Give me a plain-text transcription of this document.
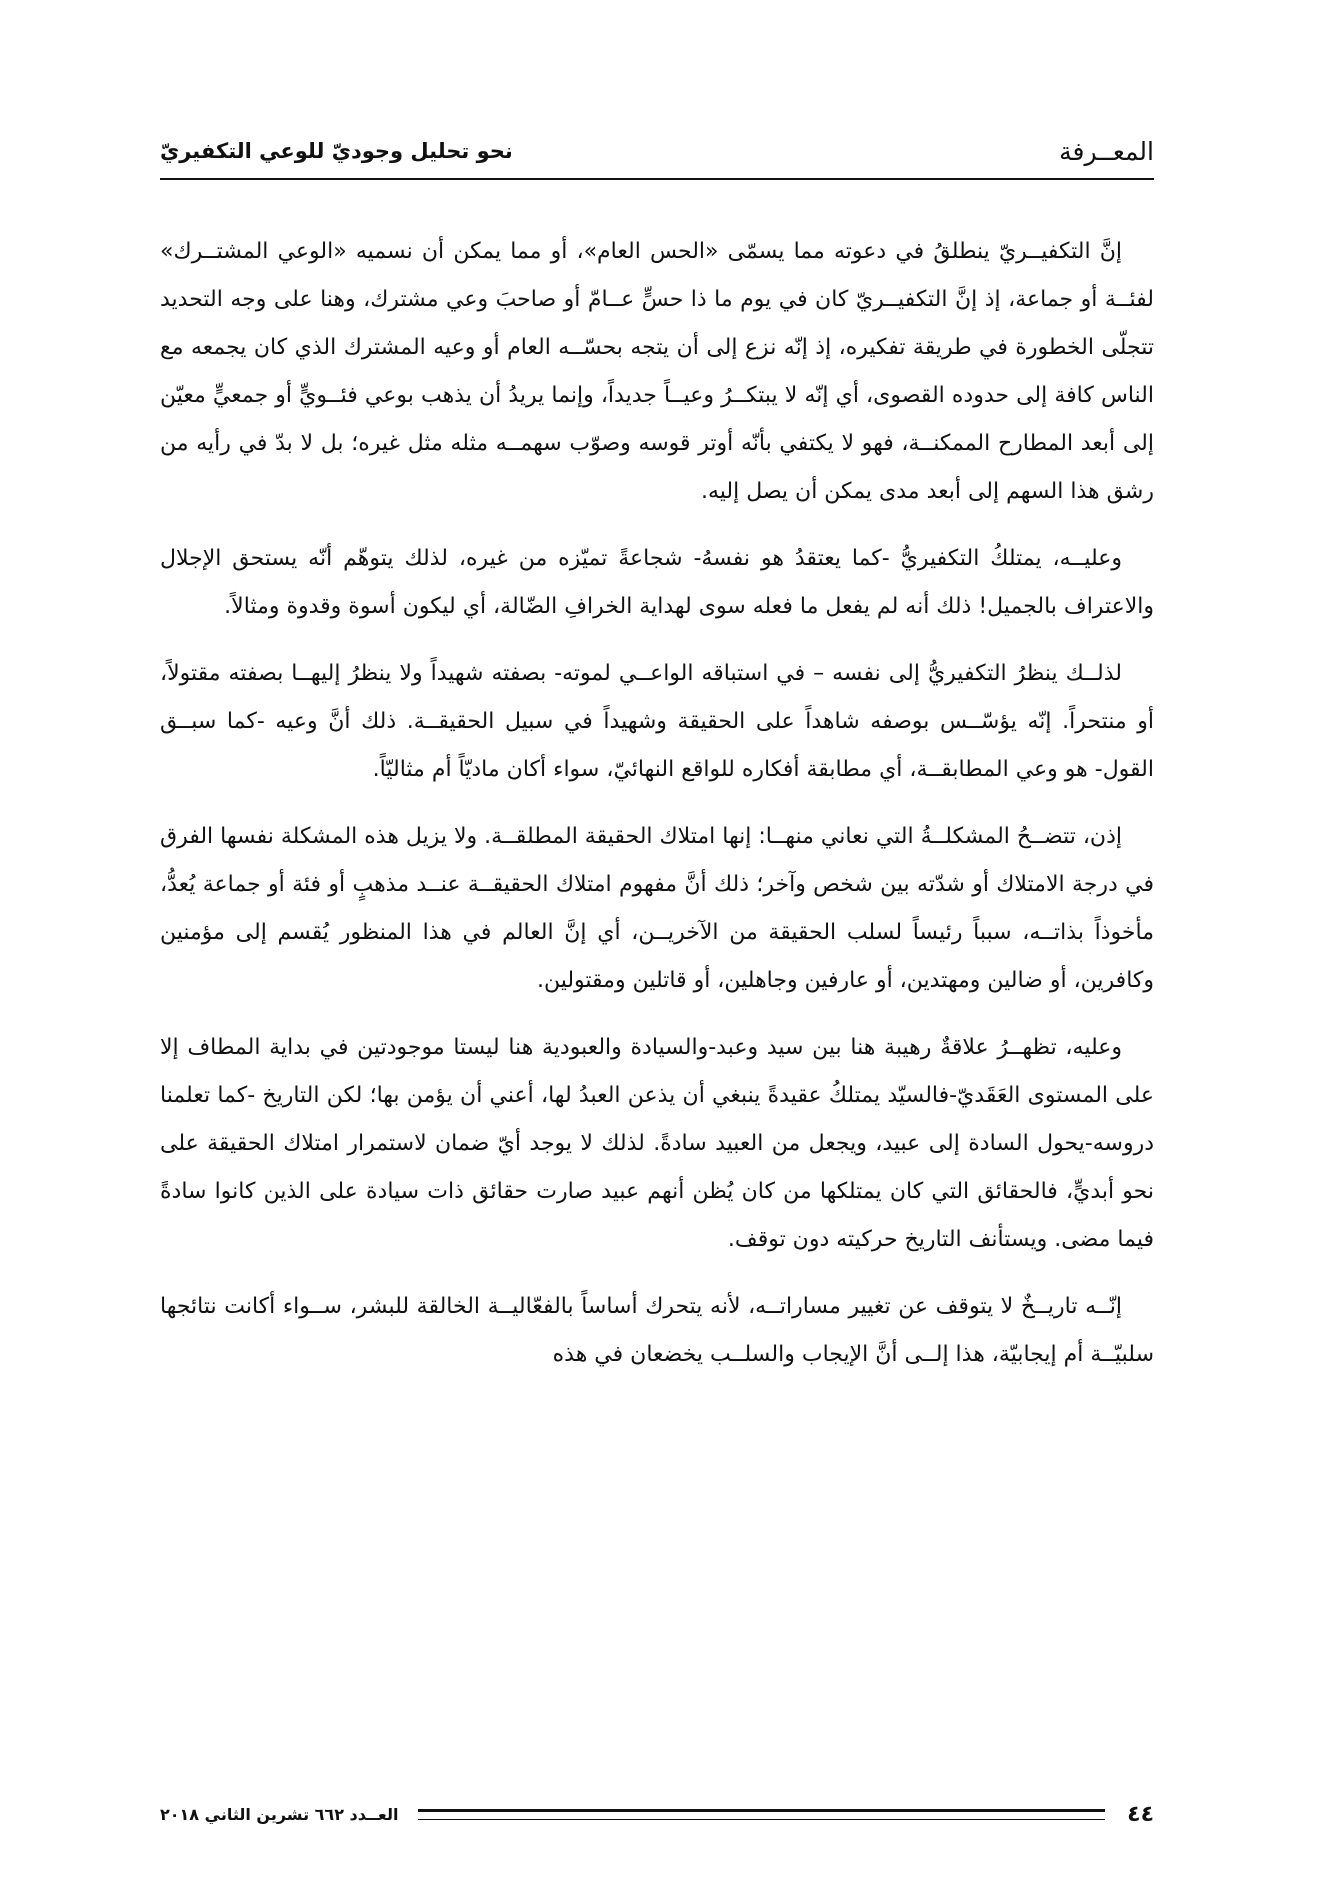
المعــرفة
نحو تحليل وجوديّ للوعي التكفيريّ

إنَّ التكفيــريّ ينطلقُ في دعوته مما يسمّى «الحس العام»، أو مما يمكن أن نسميه «الوعي المشتــرك» لفئــة أو جماعة، إذ إنَّ التكفيــريّ كان في يوم ما ذا حسٍّ عــامّ أو صاحبَ وعي مشترك، وهنا على وجه التحديد تتجلّى الخطورة في طريقة تفكيره، إذ إنّه نزع إلى أن يتجه بحسّــه العام أو وعيه المشترك الذي كان يجمعه مع الناس كافة إلى حدوده القصوى، أي إنّه لا يبتكــرُ وعيــاً جديداً، وإنما يريدُ أن يذهب بوعي فئــويٍّ أو جمعيٍّ معيّن إلى أبعد المطارح الممكنــة، فهو لا يكتفي بأنّه أوتر قوسه وصوّب سهمــه مثله مثل غيره؛ بل لا بدّ في رأيه من رشق هذا السهم إلى أبعد مدى يمكن أن يصل إليه.

وعليــه، يمتلكُ التكفيريُّ -كما يعتقدُ هو نفسهُ- شجاعةً تميّزه من غيره، لذلك يتوهّم أنّه يستحق الإجلال والاعتراف بالجميل! ذلك أنه لم يفعل ما فعله سوى لهداية الخرافِ الضّالة، أي ليكون أسوة وقدوة ومثالاً.

لذلــك ينظرُ التكفيريُّ إلى نفسه – في استباقه الواعــي لموته- بصفته شهيداً ولا ينظرُ إليهــا بصفته مقتولاً، أو منتحراً. إنّه يؤسّــس بوصفه شاهداً على الحقيقة وشهيداً في سبيل الحقيقــة. ذلك أنَّ وعيه -كما سبــق القول- هو وعي المطابقــة، أي مطابقة أفكاره للواقع النهائيّ، سواء أكان ماديّاً أم مثاليّاً.

إذن، تتضــحُ المشكلــةُ التي نعاني منهــا: إنها امتلاك الحقيقة المطلقــة. ولا يزيل هذه المشكلة نفسها الفرق في درجة الامتلاك أو شدّته بين شخص وآخر؛ ذلك أنَّ مفهوم امتلاك الحقيقــة عنــد مذهبٍ أو فئة أو جماعة يُعدُّ، مأخوذاً بذاتــه، سبباً رئيساً لسلب الحقيقة من الآخريــن، أي إنَّ العالم في هذا المنظور يُقسم إلى مؤمنين وكافرين، أو ضالين ومهتدين، أو عارفين وجاهلين، أو قاتلين ومقتولين.

وعليه، تظهــرُ علاقةٌ رهيبة هنا بين سيد وعبد-والسيادة والعبودية هنا ليستا موجودتين في بداية المطاف إلا على المستوى العَقَديّ-فالسيّد يمتلكُ عقيدةً ينبغي أن يذعن العبدُ لها، أعني أن يؤمن بها؛ لكن التاريخ -كما تعلمنا دروسه-يحول السادة إلى عبيد، ويجعل من العبيد سادةً. لذلك لا يوجد أيّ ضمان لاستمرار امتلاك الحقيقة على نحو أبديٍّ، فالحقائق التي كان يمتلكها من كان يُظن أنهم عبيد صارت حقائق ذات سيادة على الذين كانوا سادةً فيما مضى. ويستأنف التاريخ حركيته دون توقف.

إنّــه تاريــخٌ لا يتوقف عن تغيير مساراتــه، لأنه يتحرك أساساً بالفعّاليــة الخالقة للبشر، ســواء أكانت نتائجها سلبيّــة أم إيجابيّة، هذا إلــى أنَّ الإيجاب والسلــب يخضعان في هذه

٤٤
العــدد ٦٦٢ تشرين الثاني ٢٠١٨
